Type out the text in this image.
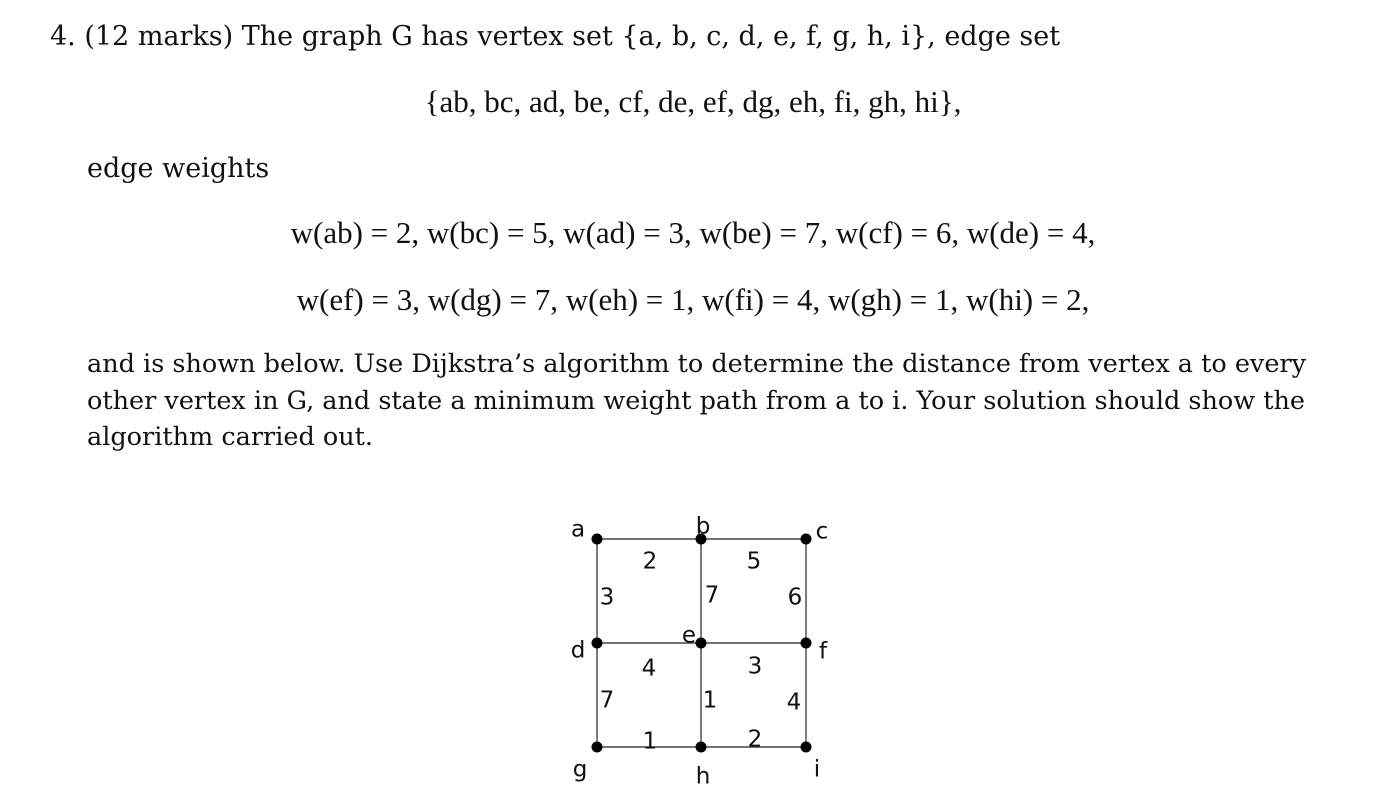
4. (12 marks) The graph G has vertex set {a, b, c, d, e, f, g, h, i}, edge set
{ab, bc, ad, be, cf, de, ef, dg, eh, fi, gh, hi},
edge weights
w(ab) = 2, w(bc) = 5, w(ad) = 3, w(be) = 7, w(cf) = 6, w(de) = 4,
w(ef) = 3, w(dg) = 7, w(eh) = 1, w(fi) = 4, w(gh) = 1, w(hi) = 2,
and is shown below. Use Dijkstra’s algorithm to determine the distance from vertex a to every
other vertex in G, and state a minimum weight path from a to i. Your solution should show the
algorithm carried out.
2	5
3	7	6
4	3
7	1	4
1	2
a	b	c
d
e
f
g	h	i
